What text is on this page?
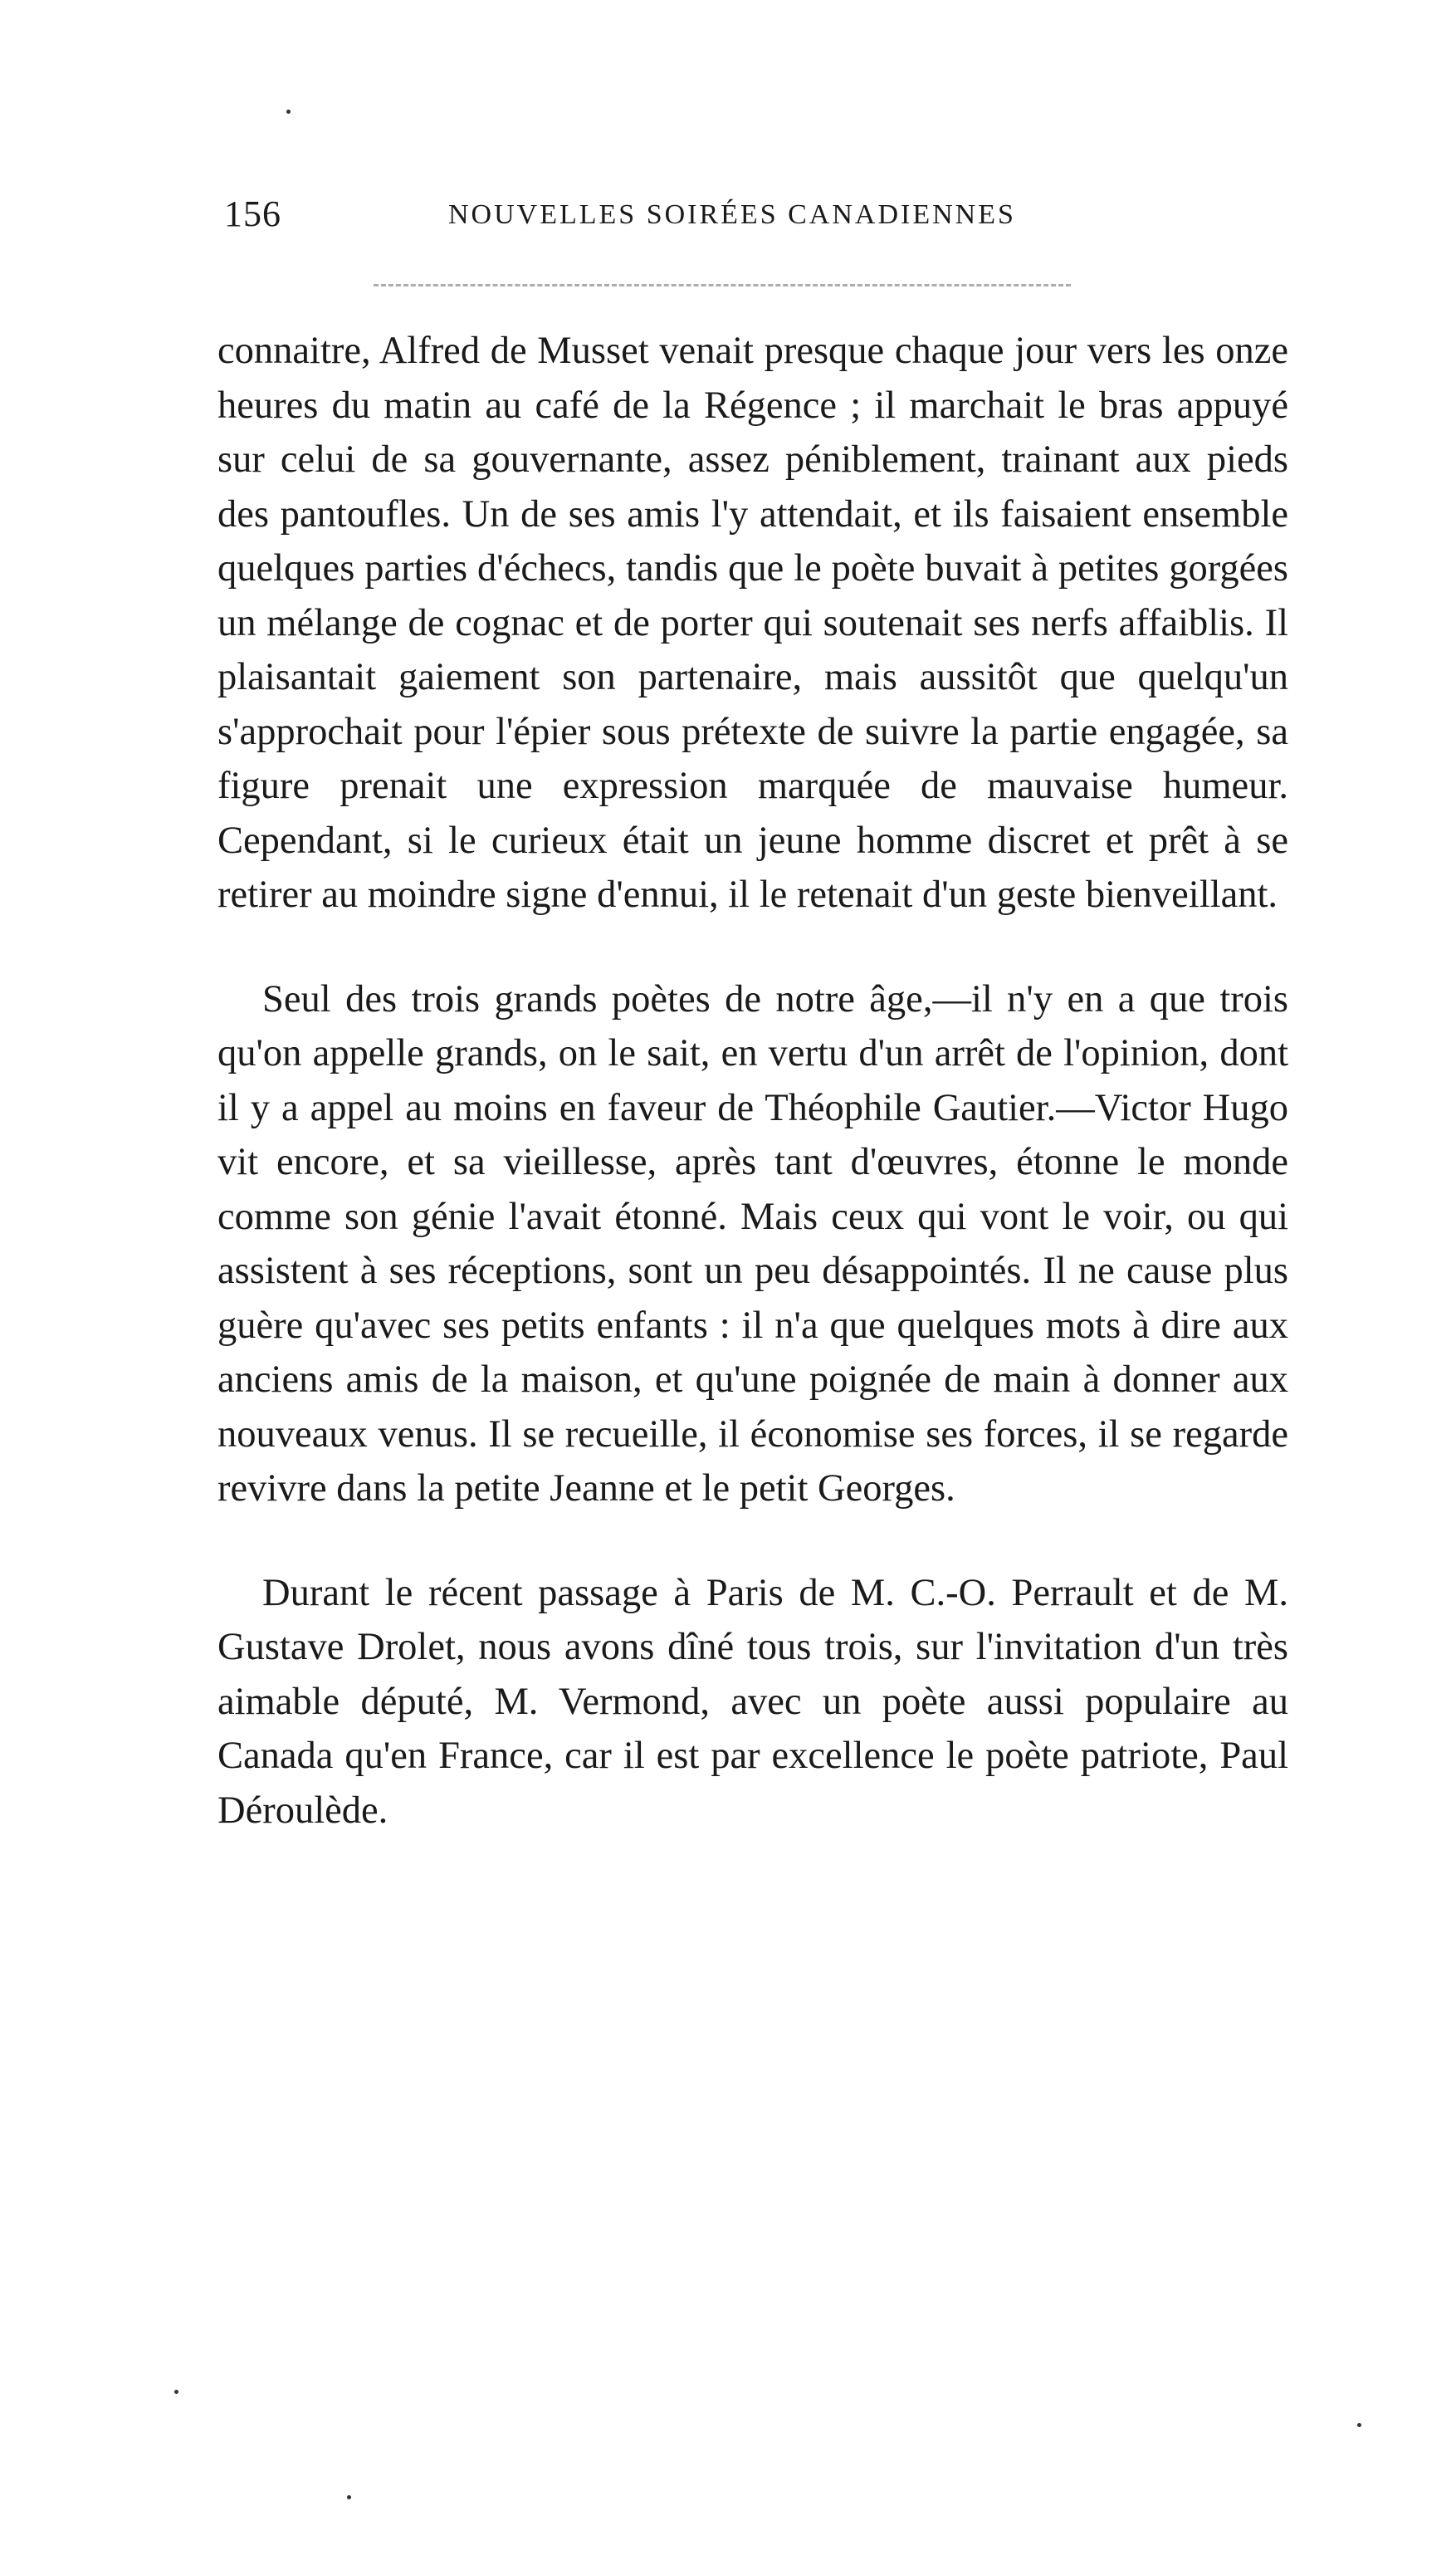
156	NOUVELLES SOIRÉES CANADIENNES

connaitre, Alfred de Musset venait presque chaque jour vers les onze heures du matin au café de la Régence ; il marchait le bras appuyé sur celui de sa gouvernante, assez péniblement, trainant aux pieds des pantoufles. Un de ses amis l'y attendait, et ils faisaient ensemble quelques parties d'échecs, tandis que le poète buvait à petites gorgées un mélange de cognac et de porter qui soutenait ses nerfs affaiblis. Il plaisantait gaiement son partenaire, mais aussitôt que quelqu'un s'approchait pour l'épier sous prétexte de suivre la partie engagée, sa figure prenait une expression marquée de mauvaise humeur. Cependant, si le curieux était un jeune homme discret et prêt à se retirer au moindre signe d'ennui, il le retenait d'un geste bienveillant.

Seul des trois grands poètes de notre âge,—il n'y en a que trois qu'on appelle grands, on le sait, en vertu d'un arrêt de l'opinion, dont il y a appel au moins en faveur de Théophile Gautier.—Victor Hugo vit encore, et sa vieillesse, après tant d'œuvres, étonne le monde comme son génie l'avait étonné. Mais ceux qui vont le voir, ou qui assistent à ses réceptions, sont un peu désappointés. Il ne cause plus guère qu'avec ses petits enfants : il n'a que quelques mots à dire aux anciens amis de la maison, et qu'une poignée de main à donner aux nouveaux venus. Il se recueille, il économise ses forces, il se regarde revivre dans la petite Jeanne et le petit Georges.

Durant le récent passage à Paris de M. C.-O. Perrault et de M. Gustave Drolet, nous avons dîné tous trois, sur l'invitation d'un très aimable député, M. Vermond, avec un poète aussi populaire au Canada qu'en France, car il est par excellence le poète patriote, Paul Déroulède.
